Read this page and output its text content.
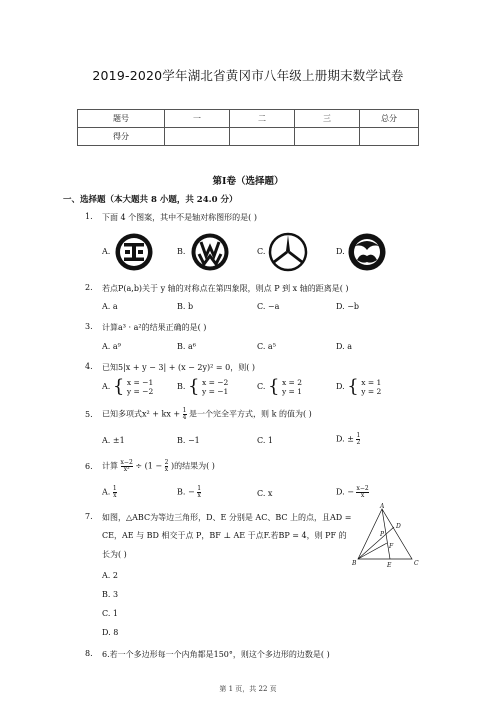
2019-2020学年湖北省黄冈市八年级上册期末数学试卷
题号	一	二	三	总分
得分				
第Ⅰ卷（选择题）
一、选择题（本大题共 8 小题，共 24.0 分）
1. 下面 4 个图案，其中不是轴对称图形的是( )
A.	B.	C.	D.
2. 若点P(a,b)关于 y 轴的对称点在第四象限，则点 P 到 x 轴的距离是( )
A. a	B. b	C. −a	D. −b
3. 计算a³ · a²的结果正确的是( )
A. a⁹	B. a⁶	C. a⁵	D. a
4. 已知5|x + y − 3| + (x − 2y)² = 0，则( )
A. { x = −1
y = −2
B. { x = −2
y = −1
C. { x = 2
y = 1
D. { x = 1
y = 2
5. 已知多项式x² + kx + $\frac{1}{4}$ 是一个完全平方式，则 k 的值为( )
A. ±1	B. −1	C. 1	D. ± $\frac{1}{2}$
6. 计算 $\frac{x-2}{\text{x²}} \div (1 - \frac{2}{x}$ )的结果为( )
A. $\frac{1}{x}$	B. − $\frac{1}{x}$	C. x	D. − $\frac{x-2}{x}$
7. 如图，△ABC为等边三角形，D、E 分别是 AC、BC 上的点，且AD =
CE，AE 与 BD 相交于点 P，BF ⊥ AE 于点F.若BP = 4，则 PF 的
长为( )
A. 2
B. 3
C. 1
D. 8
A
D
P
F
B	E	C
8. 6.若一个多边形每一个内角都是150°，则这个多边形的边数是( )
第 1 页，共 22 页
